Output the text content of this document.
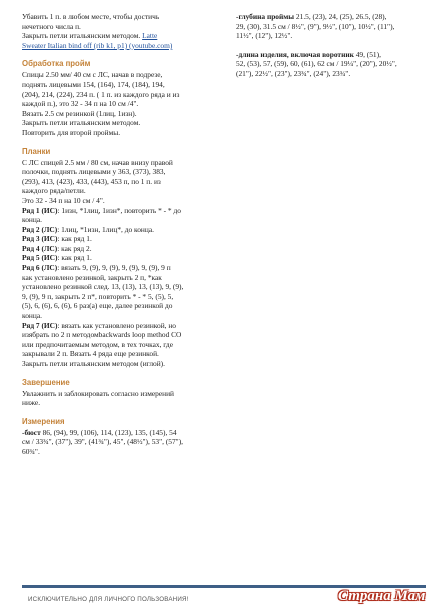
Убавить 1 п. в любом месте, чтобы достичь

нечетного числа п.

Закрыть петли итальянским методом. Latte

Sweater Italian bind off (rib k1, p1) (youtube.com)

Обработка пройм

Спицы 2.50 мм/ 40 см с ЛС, начав в подрезе,

поднять лицевыми 154, (164), 174, (184), 194,

(204), 214, (224), 234 п. ( 1 п. из каждого ряда и из

каждой п.), это 32 - 34 п на 10 см /4".

Вязать 2.5 см резинкой (1лиц, 1изн).

Закрыть петли итальянским методом.

Повторить для второй проймы.

Планки

С ЛС спицей 2.5 мм / 80 см, начав внизу правой

полочки, поднять лицевыми у 363, (373), 383,

(293), 413, (423), 433, (443), 453 п, по 1 п. из

каждого ряда/петли.

Это 32 - 34 п на 10 см / 4".

Ряд 1 (ИС): 1изн, *1лиц, 1изн*, повторить * - * до

конца.

Ряд 2 (ЛС): 1лиц, *1изн, 1лиц*, до конца.

Ряд 3 (ИС): как ряд 1.

Ряд 4 (ЛС): как ряд 2.

Ряд 5 (ИС): как ряд 1.

Ряд 6 (ЛС): вязать 9, (9), 9, (9), 9, (9), 9, (9), 9 п

как установлено резинкой, закрыть 2 п, *как

установлено резинкой след. 13, (13), 13, (13), 9, (9),

9, (9), 9 п, закрыть 2 п*, повторить * - * 5, (5), 5,

(5), 6, (6), 6, (6), 6 раз(а) еще, далее резинкой до

конца.

Ряд 7 (ИС): вязать как установлено резинкой, но

изябрать по 2 п методомbackwards loop method CO

или предпочитаемым методом, в тех точках, где

закрывали 2 п. Вязать 4 ряда еще резинкой.

Закрыть петли итальянским методом (иглой).

Завершение

Увлажнить и заблокировать согласно измерений

ниже.

Измерения

-бюст 86, (94), 99, (106), 114, (123), 135, (145), 54

см / 33¾", (37"), 39", (41¾"), 45", (48½"), 53", (57"),

60¾".

-глубина проймы 21.5, (23), 24, (25), 26.5, (28),

29, (30), 31.5 см / 8½", (9"), 9½", (10"), 10½", (11"),

11½", (12"), 12½".

-длина изделия, включая воротник 49, (51),

52, (53), 57, (59), 60, (61), 62 см / 19¼", (20"), 20½",

(21"), 22½", (23"), 23¾", (24"), 23¾".

ИСКЛЮЧИТЕЛЬНО ДЛЯ ЛИЧНОГО ПОЛЬЗОВАНИЯ!	Страна Мам
